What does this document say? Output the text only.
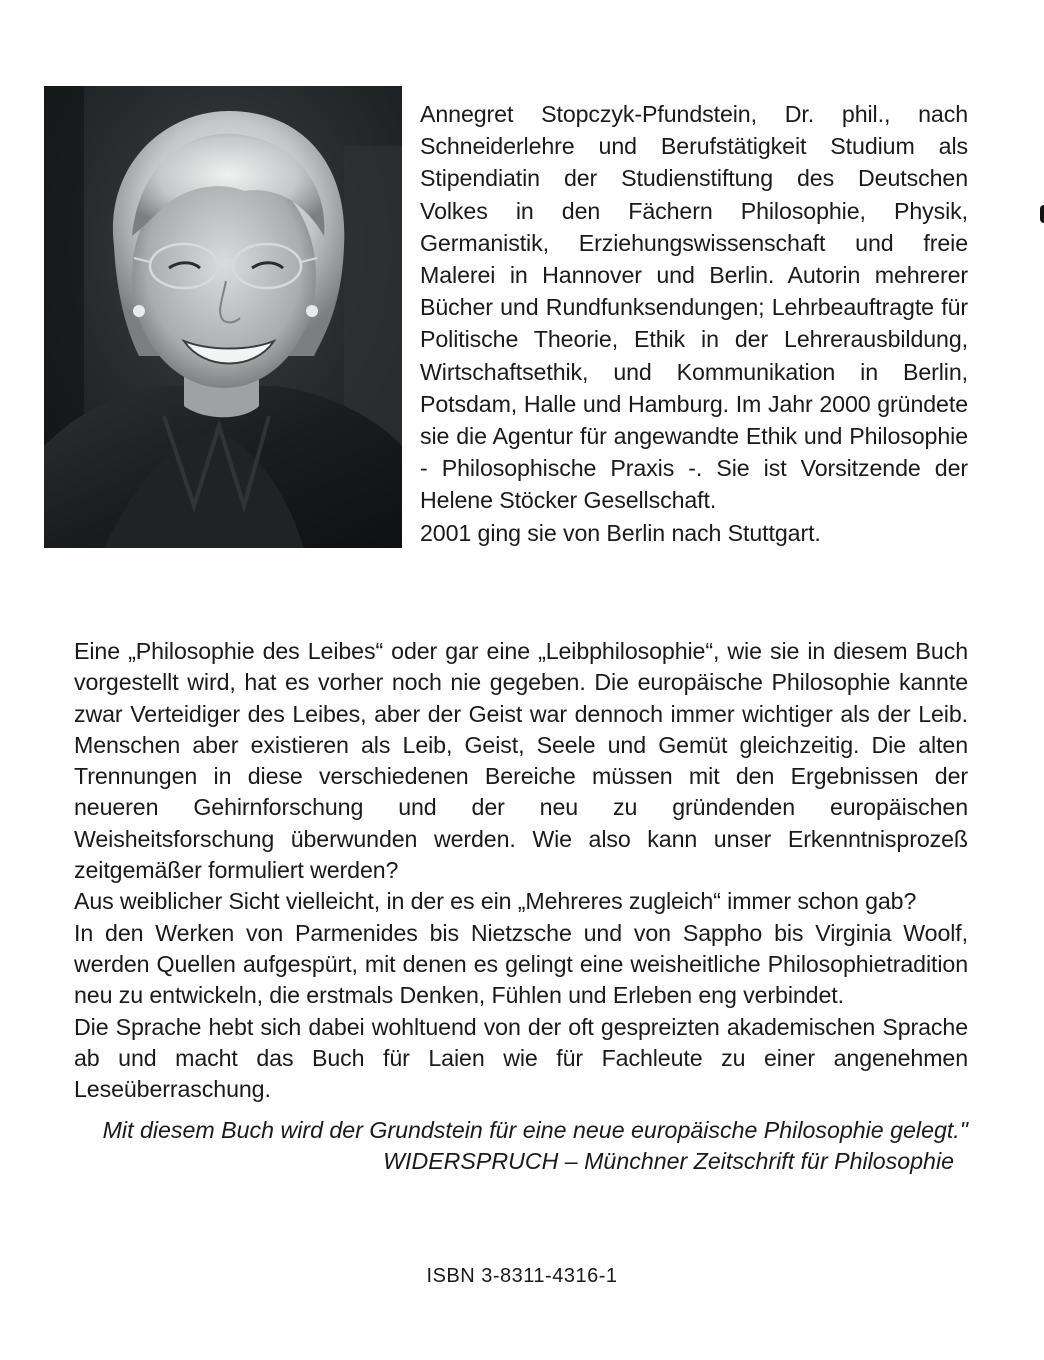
Annegret Stopczyk-Pfundstein, Dr. phil., nach Schneiderlehre und Berufstätigkeit Studium als Stipendiatin der Studienstiftung des Deutschen Volkes in den Fächern Philosophie, Physik, Germanistik, Erziehungswissenschaft und freie Malerei in Hannover und Berlin. Autorin mehrerer Bücher und Rundfunksendungen; Lehrbeauftragte für Politische Theorie, Ethik in der Lehrerausbildung, Wirtschaftsethik, und Kommunikation in Berlin, Potsdam, Halle und Hamburg. Im Jahr 2000 gründete sie die Agentur für angewandte Ethik und Philosophie - Philosophische Praxis -. Sie ist Vorsitzende der Helene Stöcker Gesellschaft.

2001 ging sie von Berlin nach Stuttgart.

Eine „Philosophie des Leibes“ oder gar eine „Leibphilosophie“, wie sie in diesem Buch vorgestellt wird, hat es vorher noch nie gegeben. Die europäische Philosophie kannte zwar Verteidiger des Leibes, aber der Geist war dennoch immer wichtiger als der Leib. Menschen aber existieren als Leib, Geist, Seele und Gemüt gleichzeitig. Die alten Trennungen in diese verschiedenen Bereiche müssen mit den Ergebnissen der neueren Gehirnforschung und der neu zu gründenden europäischen Weisheitsforschung überwunden werden. Wie also kann unser Erkenntnisprozeß zeitgemäßer formuliert werden?

Aus weiblicher Sicht vielleicht, in der es ein „Mehreres zugleich“ immer schon gab?

In den Werken von Parmenides bis Nietzsche und von Sappho bis Virginia Woolf, werden Quellen aufgespürt, mit denen es gelingt eine weisheitliche Philosophietradition neu zu entwickeln, die erstmals Denken, Fühlen und Erleben eng verbindet.

Die Sprache hebt sich dabei wohltuend von der oft gespreizten akademischen Sprache ab und macht das Buch für Laien wie für Fachleute zu einer angenehmen Leseüberraschung.

Mit diesem Buch wird der Grundstein für eine neue europäische Philosophie gelegt."
WIDERSPRUCH – Münchner Zeitschrift für Philosophie
ISBN 3-8311-4316-1
